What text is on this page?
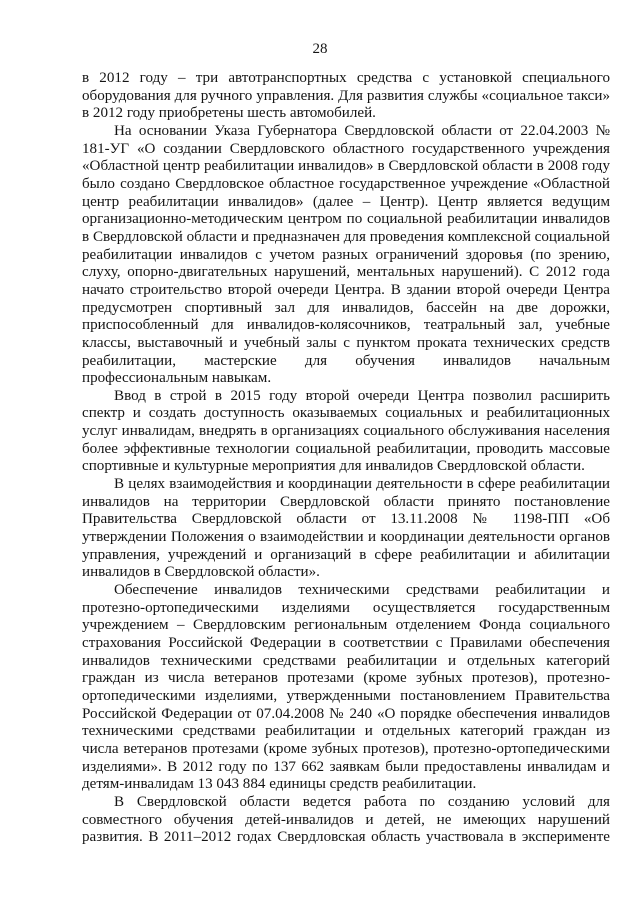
28

в 2012 году – три автотранспортных средства с установкой специального оборудования для ручного управления. Для развития службы «социальное такси» в 2012 году приобретены шесть автомобилей.

На основании Указа Губернатора Свердловской области от 22.04.2003 № 181-УГ «О создании Свердловского областного государственного учреждения «Областной центр реабилитации инвалидов» в Свердловской области в 2008 году было создано Свердловское областное государственное учреждение «Областной центр реабилитации инвалидов» (далее – Центр). Центр является ведущим организационно-методическим центром по социальной реабилитации инвалидов в Свердловской области и предназначен для проведения комплексной социальной реабилитации инвалидов с учетом разных ограничений здоровья (по зрению, слуху, опорно-двигательных нарушений, ментальных нарушений). С 2012 года начато строительство второй очереди Центра. В здании второй очереди Центра предусмотрен спортивный зал для инвалидов, бассейн на две дорожки, приспособленный для инвалидов-колясочников, театральный зал, учебные классы, выставочный и учебный залы с пунктом проката технических средств реабилитации, мастерские для обучения инвалидов начальным профессиональным навыкам.

Ввод в строй в 2015 году второй очереди Центра позволил расширить спектр и создать доступность оказываемых социальных и реабилитационных услуг инвалидам, внедрять в организациях социального обслуживания населения более эффективные технологии социальной реабилитации, проводить массовые спортивные и культурные мероприятия для инвалидов Свердловской области.

В целях взаимодействия и координации деятельности в сфере реабилитации инвалидов на территории Свердловской области принято постановление Правительства Свердловской области от 13.11.2008 № 1198-ПП «Об утверждении Положения о взаимодействии и координации деятельности органов управления, учреждений и организаций в сфере реабилитации и абилитации инвалидов в Свердловской области».

Обеспечение инвалидов техническими средствами реабилитации и протезно-ортопедическими изделиями осуществляется государственным учреждением – Свердловским региональным отделением Фонда социального страхования Российской Федерации в соответствии с Правилами обеспечения инвалидов техническими средствами реабилитации и отдельных категорий граждан из числа ветеранов протезами (кроме зубных протезов), протезно-ортопедическими изделиями, утвержденными постановлением Правительства Российской Федерации от 07.04.2008 № 240 «О порядке обеспечения инвалидов техническими средствами реабилитации и отдельных категорий граждан из числа ветеранов протезами (кроме зубных протезов), протезно-ортопедическими изделиями». В 2012 году по 137 662 заявкам были предоставлены инвалидам и детям-инвалидам 13 043 884 единицы средств реабилитации.

В Свердловской области ведется работа по созданию условий для совместного обучения детей-инвалидов и детей, не имеющих нарушений развития. В 2011–2012 годах Свердловская область участвовала в эксперименте
